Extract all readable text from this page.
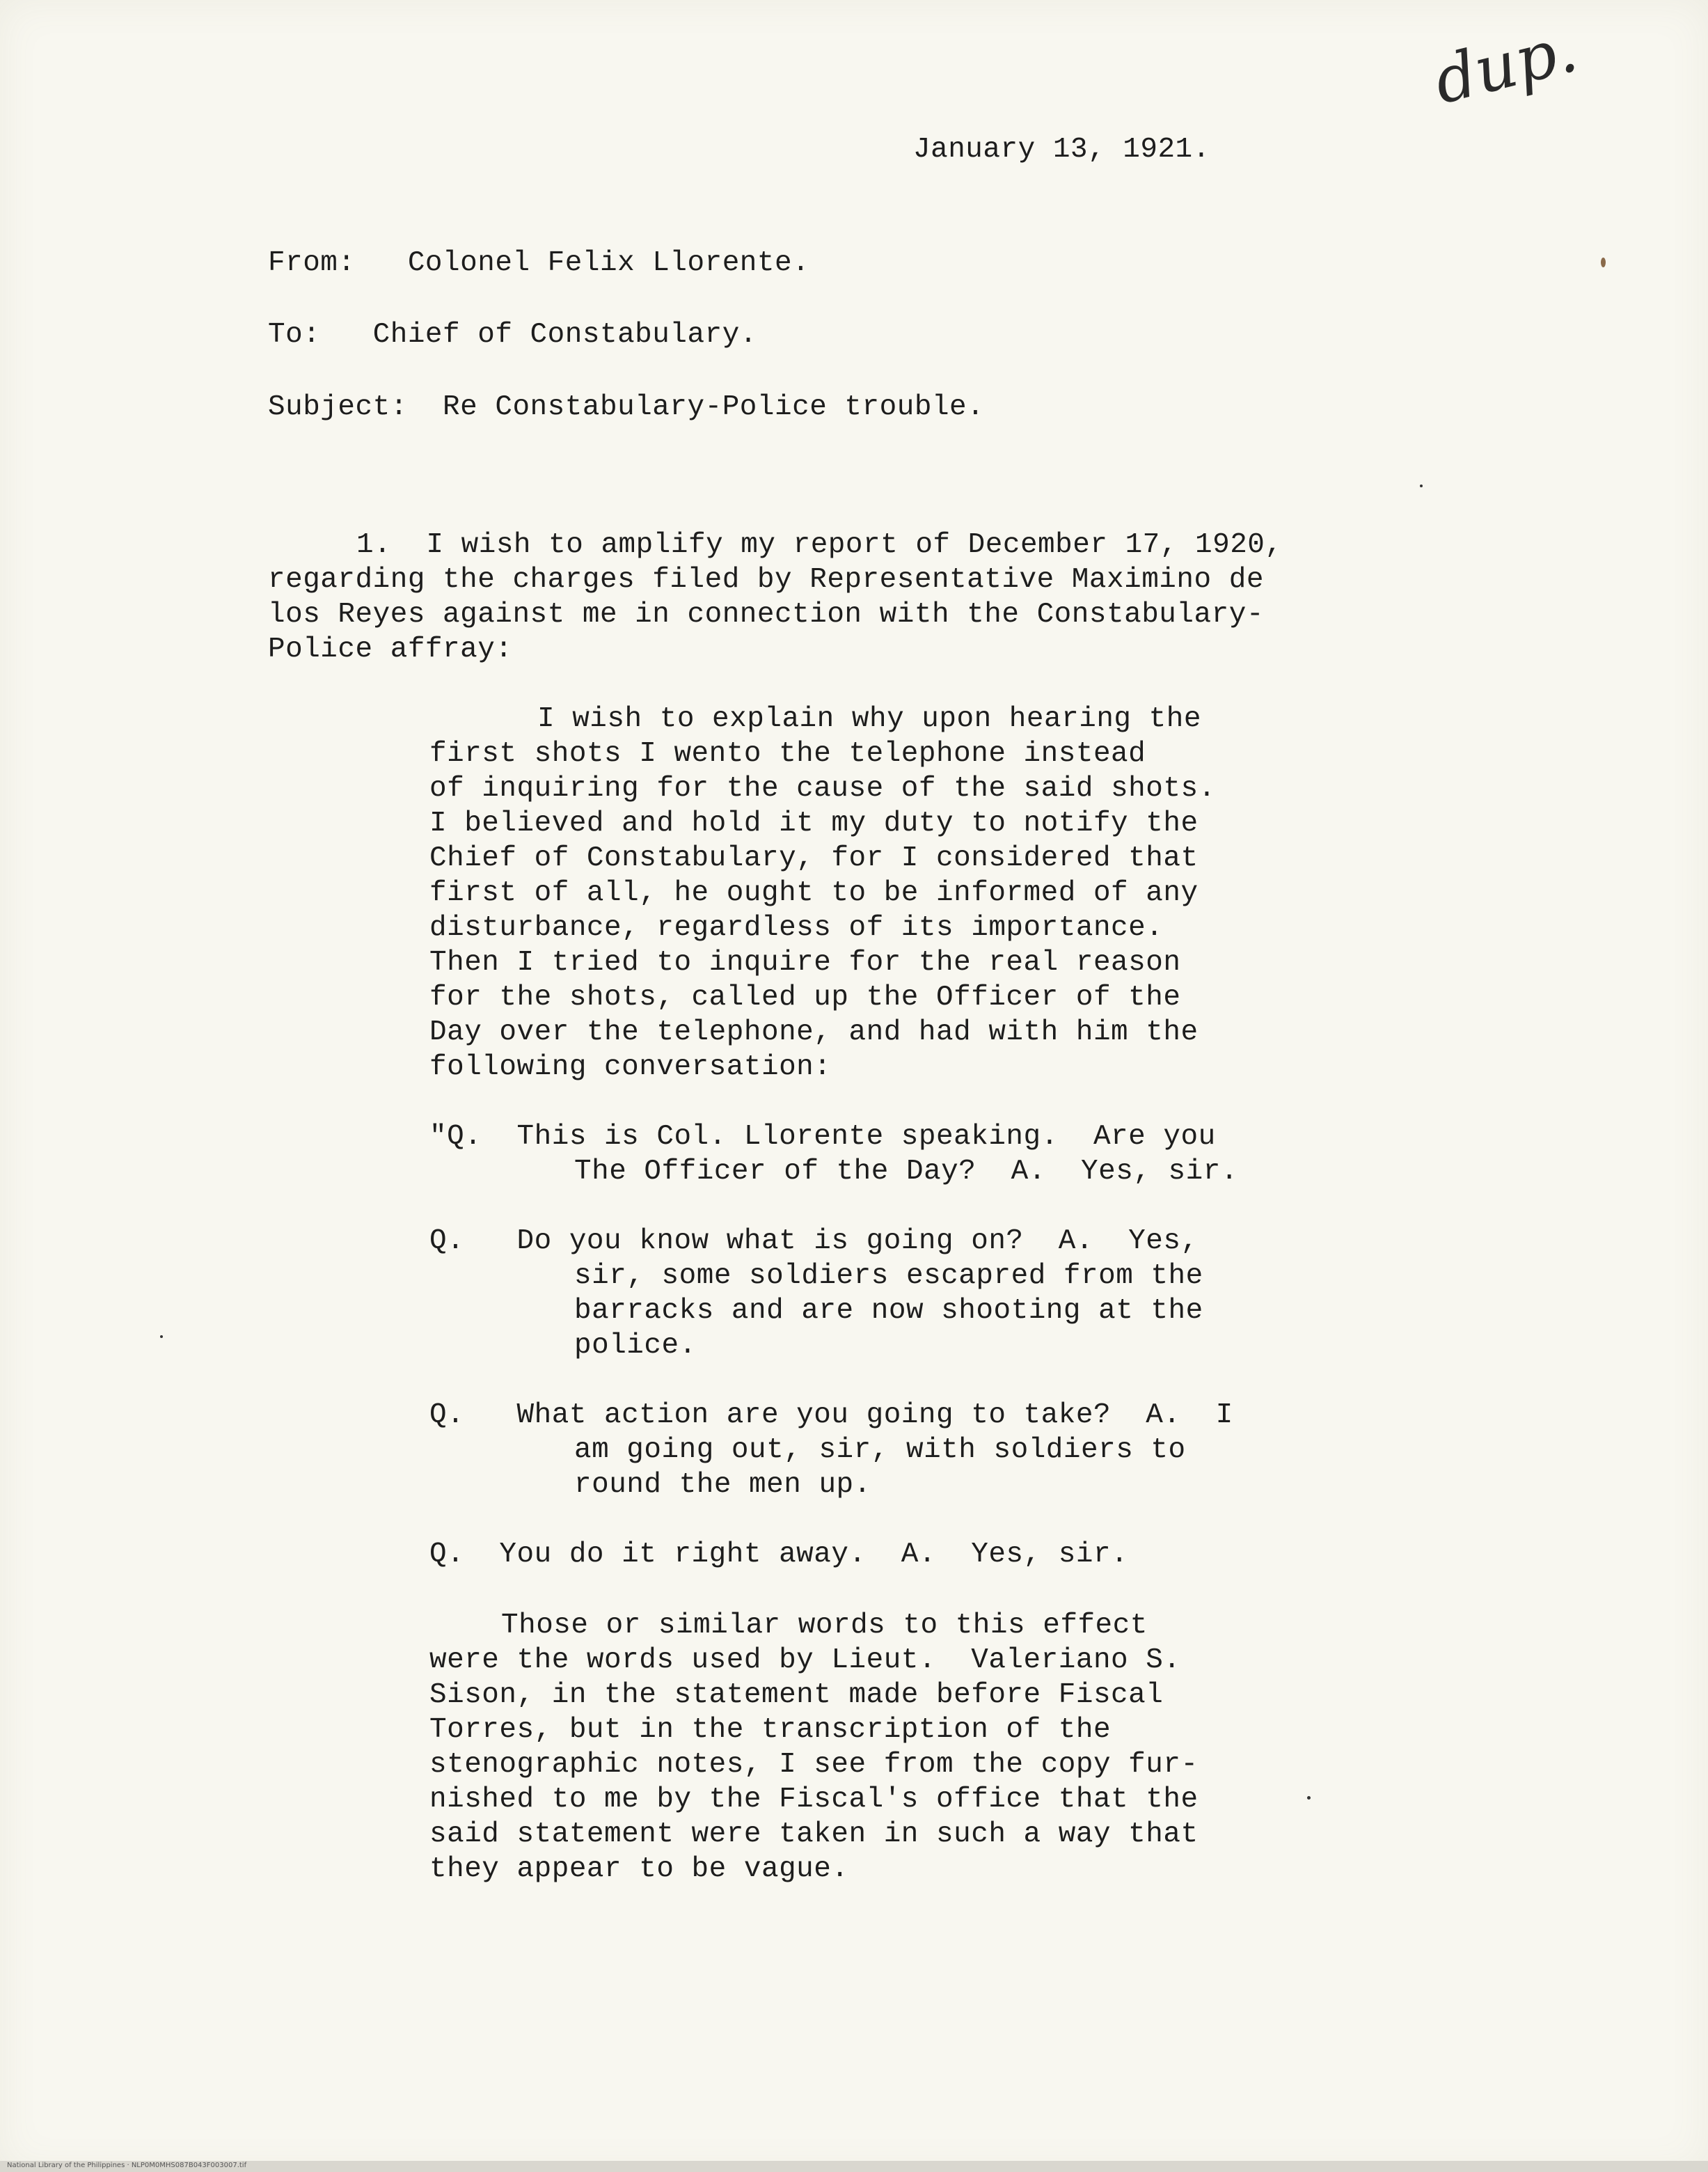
dup.
January 13, 1921.
From:   Colonel Felix Llorente.
To:   Chief of Constabulary.
Subject:  Re Constabulary-Police trouble.

1.  I wish to amplify my report of December 17, 1920,

regarding the charges filed by Representative Maximino de

los Reyes against me in connection with the Constabulary-

Police affray:

I wish to explain why upon hearing the

first shots I wento the telephone instead

of inquiring for the cause of the said shots.

I believed and hold it my duty to notify the

Chief of Constabulary, for I considered that

first of all, he ought to be informed of any

disturbance, regardless of its importance.

Then I tried to inquire for the real reason

for the shots, called up the Officer of the

Day over the telephone, and had with him the

following conversation:

"Q.  This is Col. Llorente speaking.  Are you

The Officer of the Day?  A.  Yes, sir.

Q.   Do you know what is going on?  A.  Yes,

sir, some soldiers escapred from the

barracks and are now shooting at the

police.

Q.   What action are you going to take?  A.  I

am going out, sir, with soldiers to

round the men up.

Q.  You do it right away.  A.  Yes, sir.

Those or similar words to this effect

were the words used by Lieut.  Valeriano S.

Sison, in the statement made before Fiscal

Torres, but in the transcription of the

stenographic notes, I see from the copy fur-

nished to me by the Fiscal's office that the

said statement were taken in such a way that

they appear to be vague.

National Library of the Philippines · NLP0M0MHS087B043F003007.tif
